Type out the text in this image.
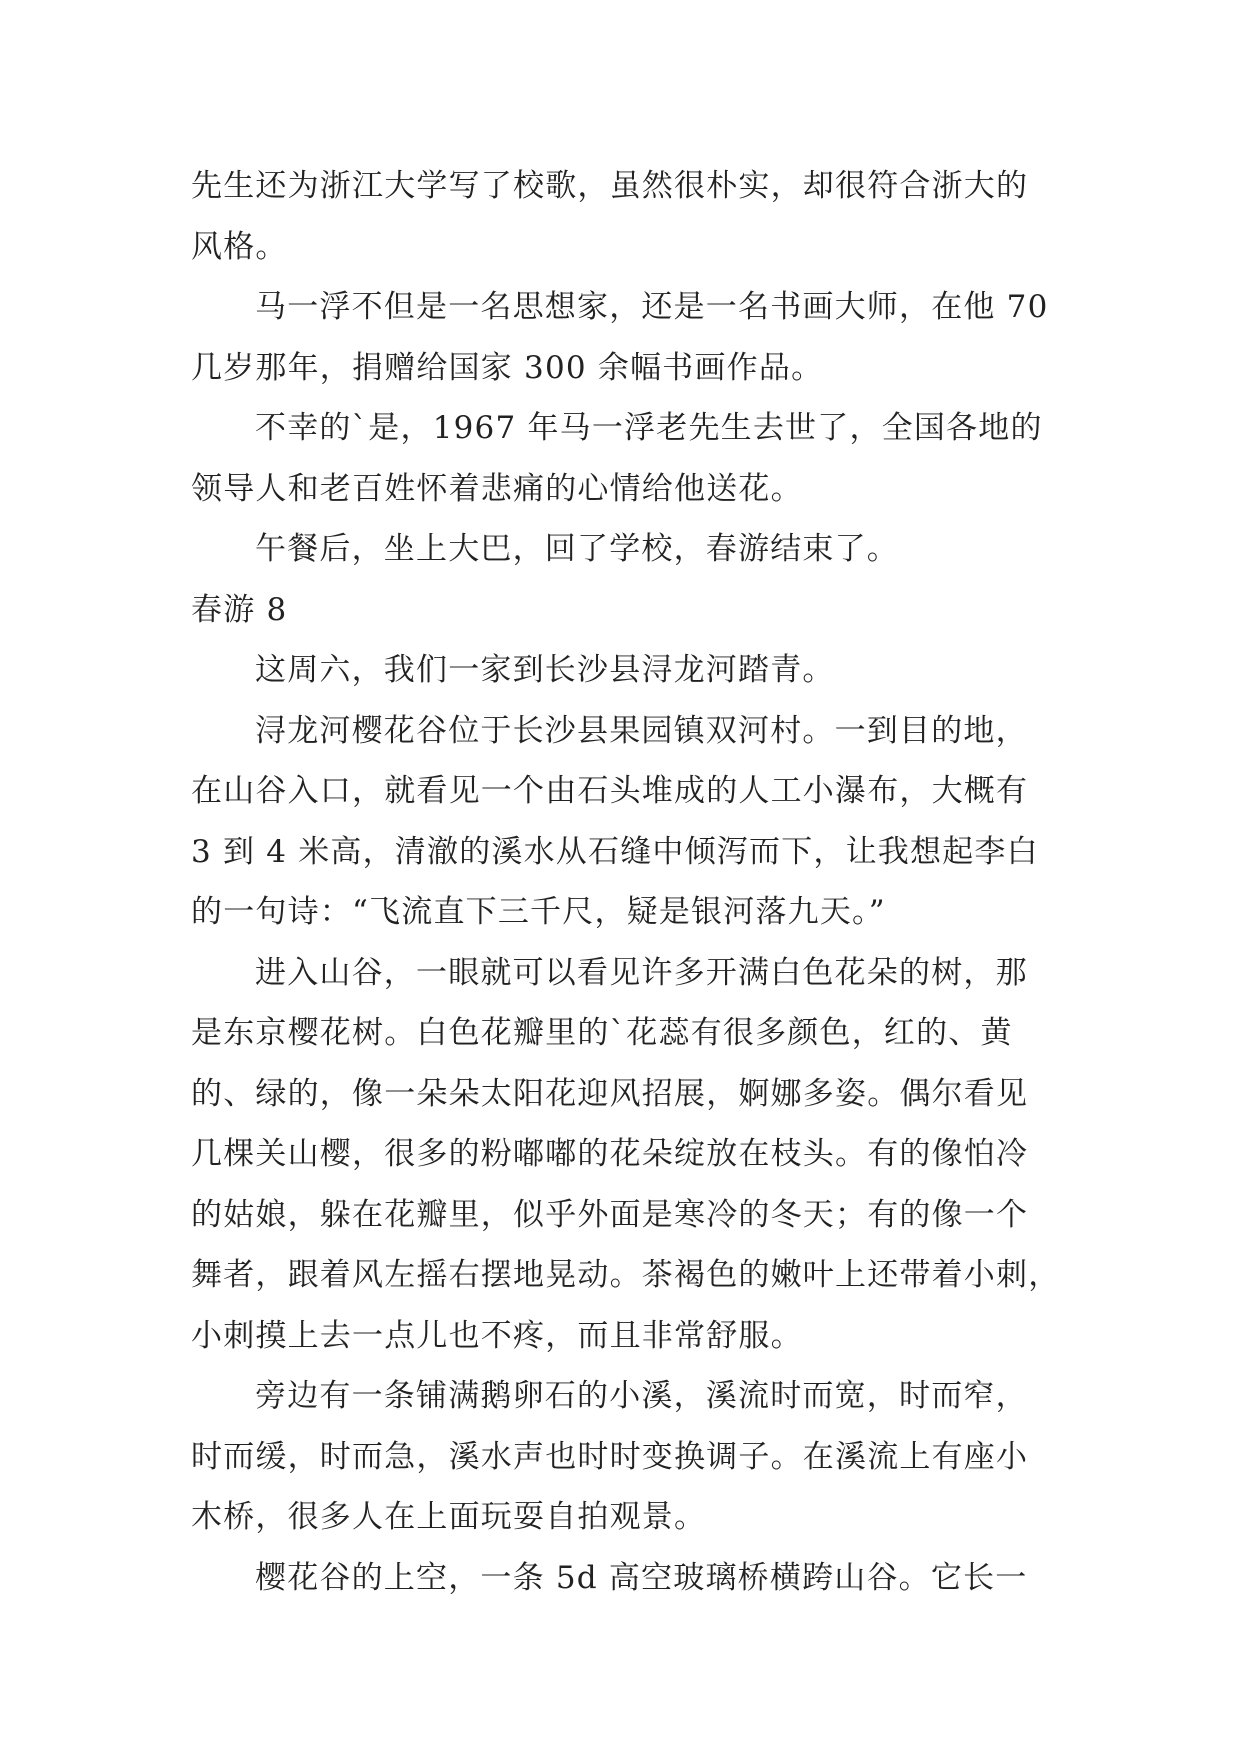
先生还为浙江大学写了校歌，虽然很朴实，却很符合浙大的
风格。
马一浮不但是一名思想家，还是一名书画大师，在他 70
几岁那年，捐赠给国家 300 余幅书画作品。
不幸的`是，1967 年马一浮老先生去世了，全国各地的
领导人和老百姓怀着悲痛的心情给他送花。
午餐后，坐上大巴，回了学校，春游结束了。
春游 8
这周六，我们一家到长沙县浔龙河踏青。
浔龙河樱花谷位于长沙县果园镇双河村。一到目的地，
在山谷入口，就看见一个由石头堆成的人工小瀑布，大概有
3 到 4 米高，清澈的溪水从石缝中倾泻而下，让我想起李白
的一句诗：“飞流直下三千尺，疑是银河落九天。”
进入山谷，一眼就可以看见许多开满白色花朵的树，那
是东京樱花树。白色花瓣里的`花蕊有很多颜色，红的、黄
的、绿的，像一朵朵太阳花迎风招展，婀娜多姿。偶尔看见
几棵关山樱，很多的粉嘟嘟的花朵绽放在枝头。有的像怕冷
的姑娘，躲在花瓣里，似乎外面是寒冷的冬天；有的像一个
舞者，跟着风左摇右摆地晃动。茶褐色的嫩叶上还带着小刺，
小刺摸上去一点儿也不疼，而且非常舒服。
旁边有一条铺满鹅卵石的小溪，溪流时而宽，时而窄，
时而缓，时而急，溪水声也时时变换调子。在溪流上有座小
木桥，很多人在上面玩耍自拍观景。
樱花谷的上空，一条 5d 高空玻璃桥横跨山谷。它长一
